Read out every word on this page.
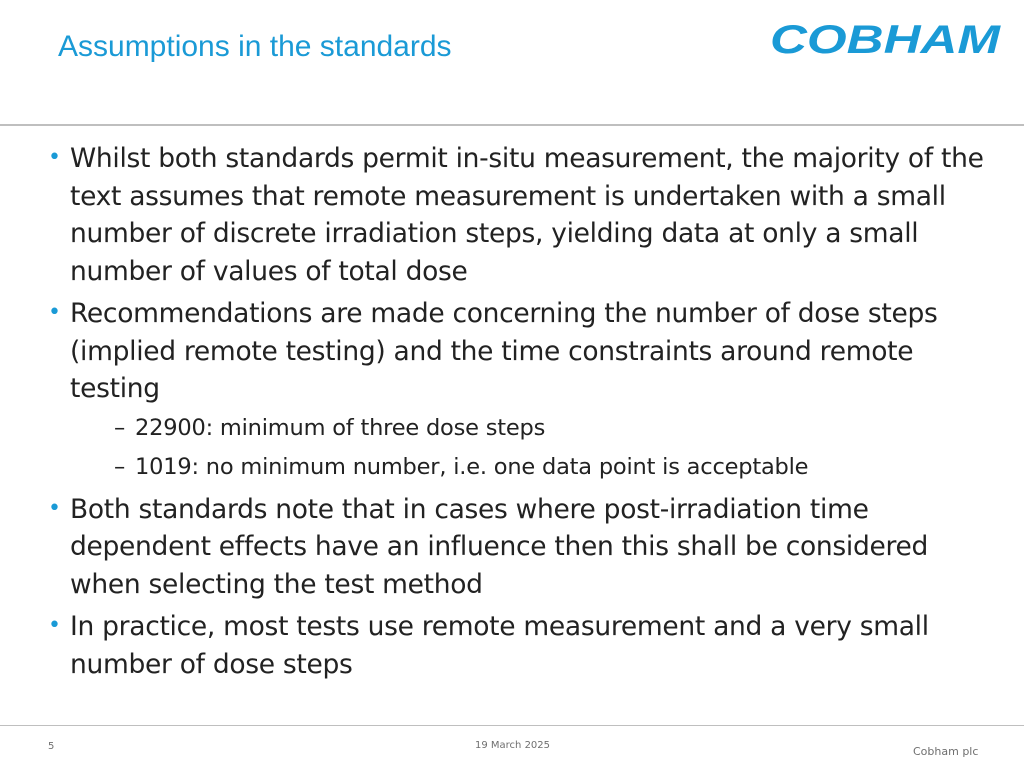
Assumptions in the standards	COBHAM
• Whilst both standards permit in-situ measurement, the majority of the text assumes that remote measurement is undertaken with a small number of discrete irradiation steps, yielding data at only a small number of values of total dose
• Recommendations are made concerning the number of dose steps (implied remote testing) and the time constraints around remote testing
– 22900: minimum of three dose steps
– 1019: no minimum number, i.e. one data point is acceptable
• Both standards note that in cases where post-irradiation time dependent effects have an influence then this shall be considered when selecting the test method
• In practice, most tests use remote measurement and a very small number of dose steps
5	19 March 2025	Cobham plc
